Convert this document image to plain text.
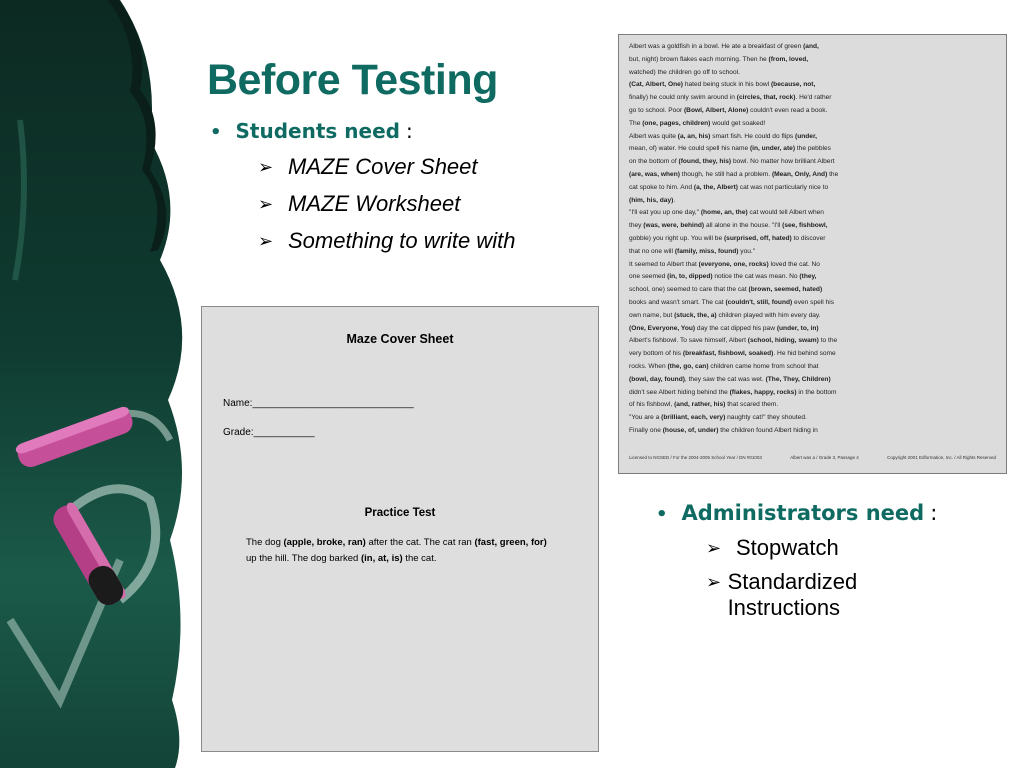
Before Testing
• Students need :
➢ MAZE Cover Sheet
➢ MAZE Worksheet
➢ Something to write with
• Administrators need :
➢ Stopwatch
➢ Standardized Instructions
Maze Cover Sheet
Name:_____________________________
Grade:___________
Practice Test
The dog (apple, broke, ran) after the cat. The cat ran (fast, green, for) up the hill. The dog barked (in, at, is) the cat.
Albert was a goldfish in a bowl. He ate a breakfast of green (and,
but, night) brown flakes each morning. Then he (from, loved,
watched) the children go off to school.
(Cat, Albert, One) hated being stuck in his bowl (because, not,
finally) he could only swim around in (circles, that, rock). He'd rather
go to school. Poor (Bowl, Albert, Alone) couldn't even read a book.
The (one, pages, children) would get soaked!
Albert was quite (a, an, his) smart fish. He could do flips (under,
mean, of) water. He could spell his name (in, under, ate) the pebbles
on the bottom of (found, they, his) bowl. No matter how brilliant Albert
(are, was, when) though, he still had a problem. (Mean, Only, And) the
cat spoke to him. And (a, the, Albert) cat was not particularly nice to
(him, his, day).
"I'll eat you up one day," (home, an, the) cat would tell Albert when
they (was, were, behind) all alone in the house. "I'll (see, fishbowl,
gobble) you right up. You will be (surprised, off, hated) to discover
that no one will (family, miss, found) you."
It seemed to Albert that (everyone, one, rocks) loved the cat. No
one seemed (in, to, dipped) notice the cat was mean. No (they,
school, one) seemed to care that the cat (brown, seemed, hated)
books and wasn't smart. The cat (couldn't, still, found) even spell his
own name, but (stuck, the, a) children played with him every day.
(One, Everyone, You) day the cat dipped his paw (under, to, in)
Albert's fishbowl. To save himself, Albert (school, hiding, swam) to the
very bottom of his (breakfast, fishbowl, soaked). He hid behind some
rocks. When (the, go, can) children came home from school that
(bowl, day, found), they saw the cat was wet. (The, They, Children)
didn't see Albert hiding behind the (flakes, happy, rocks) in the bottom
of his fishbowl, (and, rather, his) that scared them.
"You are a (brilliant, each, very) naughty cat!" they shouted.
Finally one (house, of, under) the children found Albert hiding in
Licensed to NGSED / For the 2004-2005 School Year / DN #01003	Albert was a / Grade 3, Passage 4	Copyright 2001 Edformation, Inc. / All Rights Reserved
